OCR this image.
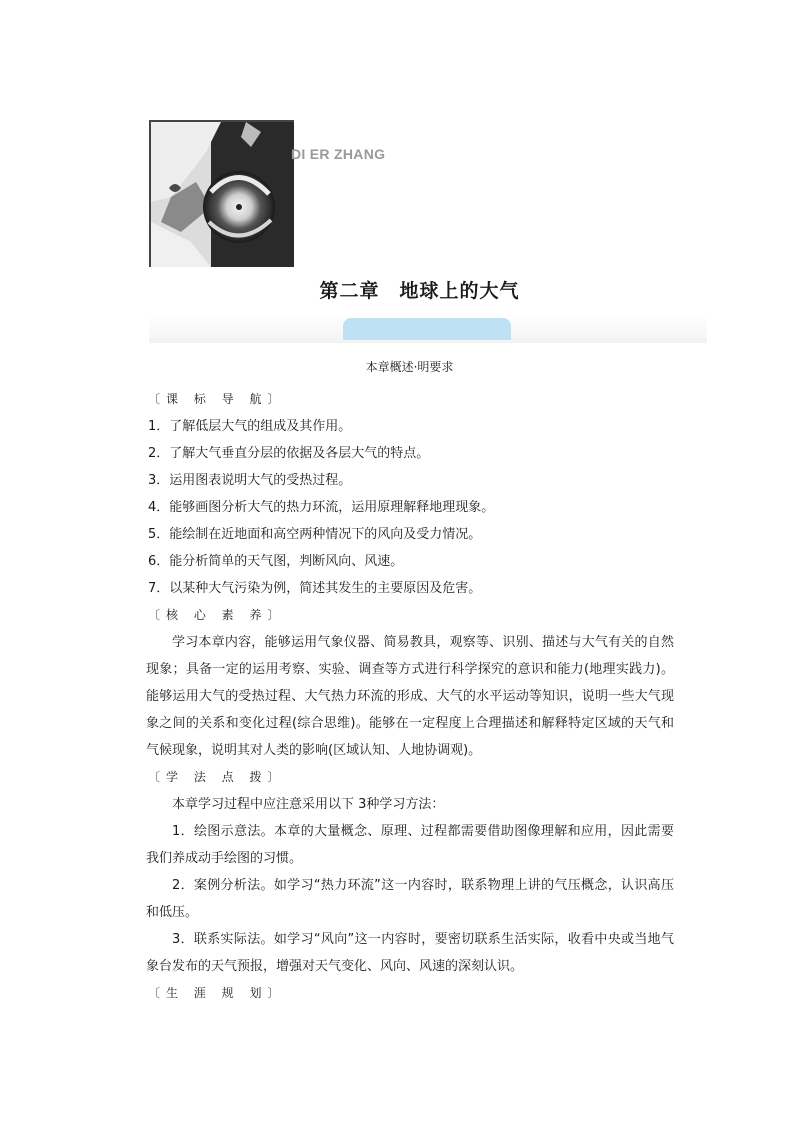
DI ER ZHANG
第二章　地球上的大气
本章概述·明要求
〔课 标 导 航〕
1．了解低层大气的组成及其作用。
2．了解大气垂直分层的依据及各层大气的特点。
3．运用图表说明大气的受热过程。
4．能够画图分析大气的热力环流，运用原理解释地理现象。
5．能绘制在近地面和高空两种情况下的风向及受力情况。
6．能分析简单的天气图，判断风向、风速。
7．以某种大气污染为例，简述其发生的主要原因及危害。
〔核 心 素 养〕

学习本章内容，能够运用气象仪器、简易教具，观察等、识别、描述与大气有关的自然现象；具备一定的运用考察、实验、调查等方式进行科学探究的意识和能力(地理实践力)。能够运用大气的受热过程、大气热力环流的形成、大气的水平运动等知识，说明一些大气现象之间的关系和变化过程(综合思维)。能够在一定程度上合理描述和解释特定区域的天气和气候现象，说明其对人类的影响(区域认知、人地协调观)。

〔学 法 点 拨〕

本章学习过程中应注意采用以下 3种学习方法：

1．绘图示意法。本章的大量概念、原理、过程都需要借助图像理解和应用，因此需要我们养成动手绘图的习惯。

2．案例分析法。如学习“热力环流”这一内容时，联系物理上讲的气压概念，认识高压和低压。

3．联系实际法。如学习“风向”这一内容时，要密切联系生活实际，收看中央或当地气象台发布的天气预报，增强对天气变化、风向、风速的深刻认识。

〔生 涯 规 划〕
